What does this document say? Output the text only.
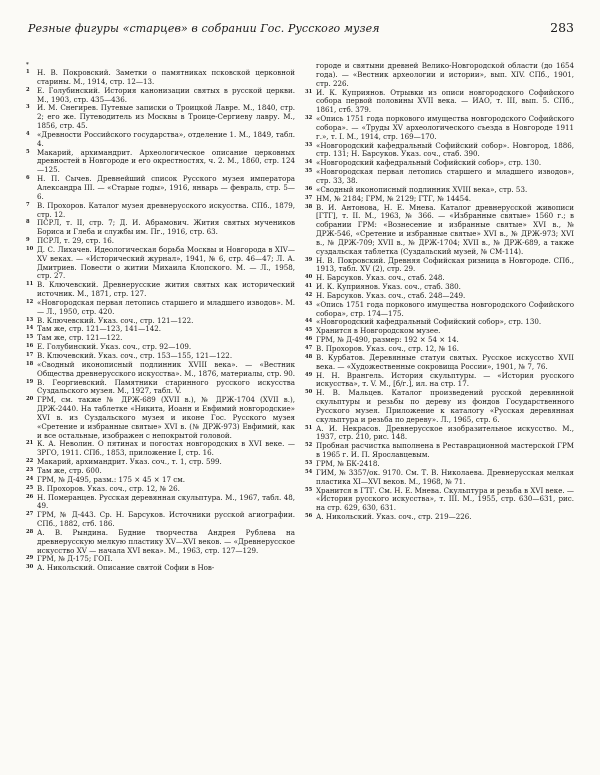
Резные фигуры «старцев» в собрании Гос. Русского музея	283
*
1	Н. В. Покровский. Заметки о памятниках псковской церковной старины. М., 1914, стр. 12—13.
2	Е. Голубинский. История канонизации святых в русской церкви. М., 1903, стр. 435—436.
3	И. М. Снегирев. Путевые записки о Троицкой Лавре. М., 1840, стр. 2; его же. Путеводитель из Москвы в Троице-Сергиеву лавру. М., 1856, стр. 45.
4	«Древности Российского государства», отделение 1. М., 1849, табл. 4.
5	Макарий, архимандрит. Археологическое описание церковных древностей в Новгороде и его окрестностях, ч. 2. М., 1860, стр. 124—125.
6	Н. П. Сычев. Древнейший список Русского музея императора Александра III. — «Старые годы», 1916, январь — февраль, стр. 5—6.
7	В. Прохоров. Каталог музея древнерусского искусства. СПб., 1879, стр. 12.
8	ПСРЛ, т. II, стр. 7; Д. И. Абрамович. Жития святых мучеников Бориса и Глеба и службы им. Пг., 1916, стр. 63.
9	ПСРЛ, т. 29, стр. 16.
10 Д. С. Лихачев. Идеологическая борьба Москвы и Новгорода в XIV—XV веках. — «Исторический журнал», 1941, № 6, стр. 46—47; Л. А. Дмитриев. Повести о житии Михаила Клопского. М. — Л., 1958, стр. 27.
11 В. Ключевский. Древнерусские жития святых как исторический источник. М., 1871, стр. 127.
12 «Новгородская первая летопись старшего и младшего изводов». М. — Л., 1950, стр. 420.
13 В. Ключевский. Указ. соч., стр. 121—122.
14 Там же, стр. 121—123, 141—142.
15 Там же, стр. 121—122.
16 Е. Голубинский. Указ. соч., стр. 92—109.
17 В. Ключевский. Указ. соч., стр. 153—155, 121—122.
18 «Сводный иконописный подлинник XVIII века». — «Вестник Общества древнерусского искусства». М., 1876, материалы, стр. 90.
19 В. Георгиевский. Памятники старинного русского искусства Суздальского музея. М., 1927, табл. V.
20 ГРМ, см. также № ДРЖ-689 (XVII в.), № ДРЖ-1704 (XVII в.), ДРЖ-2440. На таблетке «Никита, Иоанн и Евфимий новгородские» XVI в. из Суздальского музея и иконе Гос. Русского музея «Сретение и избранные святые» XVI в. (№ ДРЖ-973) Евфимий, как и все остальные, изображен с непокрытой головой.
21 К. А. Неволин. О пятинах и погостах новгородских в XVI веке. — ЗРГО, 1911. СПб., 1853, приложение I, стр. 16.
22 Макарий, архимандрит. Указ. соч., т. 1, стр. 599.
23 Там же, стр. 600.
24 ГРМ, № Д-495, разм.: 175 × 45 × 17 см.
25 В. Прохоров. Указ. соч., стр. 12, № 26.
26 Н. Померанцев. Русская деревянная скульптура. М., 1967, табл. 48, 49.
27 ГРМ, № Д-443. Ср. Н. Барсуков. Источники русской агиографии. СПб., 1882, стб. 186.
28 А. В. Рындина. Будние творчества Андрея Рублева на древнерусскую мелкую пластику XV—XVI веков. — «Древнерусское искусство XV — начала XVI века». М., 1963, стр. 127—129.
29 ГРМ, № Д-175; ГОП.
30 А. Никольский. Описание святой Софии в Нов-
городе и святыни древней Велико-Новгородской области (до 1654 года). — «Вестник археологии и истории», вып. XIV. СПб., 1901, стр. 226.
31 И. К. Куприянов. Отрывки из описи новгородского Софийского собора первой половины XVII века. — ИАО, т. III, вып. 5. СПб., 1861, стб. 379.
32 «Опись 1751 года поркового имущества новгородского Софийского собора». — «Труды XV археологического съезда в Новгороде 1911 г.», т. I. М., 1914, стр. 169—170.
33 «Новгородский кафедральный Софийский собор». Новгород, 1886, стр. 131; Н. Барсуков. Указ. соч., стаб. 390.
34 «Новгородский кафедральный Софийский собор», стр. 130.
35 «Новгородская первая летопись старшего и младшего изводов», стр. 33, 38.
36 «Сводный иконописный подлинник XVIII века», стр. 53.
37 НМ, № 2184; ГРМ, № 2129; ГТГ, № 14454.
38 В. И. Антонова, Н. Е. Мнева. Каталог древнерусской живописи [ГТГ], т. II. М., 1963, № 366. — «Избранные святые» 1560 г.; в собрании ГРМ: «Вознесение и избранные святые» XVI в., № ДРЖ-546, «Сретение и избранные святые» XVI в., № ДРЖ-973; XVI в., № ДРЖ-709; XVII в., № ДРЖ-1704; XVII в., № ДРЖ-689, а также суздальская таблетка (Суздальский музей, № СМ-114).
39 Н. В. Покровский. Древняя Софийская ризница в Новгороде. СПб., 1913, табл. XV (2), стр. 29.
40 Н. Барсуков. Указ. соч., стаб. 248.
41 И. К. Куприянов. Указ. соч., стаб. 380.
42 Н. Барсуков. Указ. соч., стаб. 248—249.
43 «Опись 1751 года поркового имущества новгородского Софийского собора», стр. 174—175.
44 «Новгородский кафедральный Софийский собор», стр. 130.
45 Хранится в Новгородском музее.
46 ГРМ, № Д-490, размер: 192 × 54 × 14.
47 В. Прохоров. Указ. соч., стр. 12, № 16.
48 В. Курбатов. Деревянные статуи святых. Русское искусство XVII века. — «Художественные сокровища России», 1901, № 7, 76.
49 Н. Н. Врангель. История скульптуры. — «История русского искусства», т. V. М., [б/г.], ил. на стр. 17.
50 Н. В. Мальцев. Каталог произведений русской деревянной скульптуры и резьбы по дереву из фондов Государственного Русского музея. Приложение к каталогу «Русская деревянная скульптура и резьба по дереву». Л., 1965, стр. 6.
51 А. И. Некрасов. Древнерусское изобразительное искусство. М., 1937, стр. 210, рис. 148.
52 Пробная расчистка выполнена в Реставрационной мастерской ГРМ в 1965 г. И. П. Ярославцевым.
53 ГРМ, № БК-2418.
54 ГИМ, № 3357/ок. 9170. См. Т. В. Николаева. Древнерусская мелкая пластика XI—XVI веков. М., 1968, № 71.
55 Хранится в ГТГ. См. Н. Е. Мнева. Скульптура и резьба в XVI веке. — «История русского искусства», т. III. М., 1955, стр. 630—631, рис. на стр. 629, 630, 631.
56 А. Никольский. Указ. соч., стр. 219—226.
